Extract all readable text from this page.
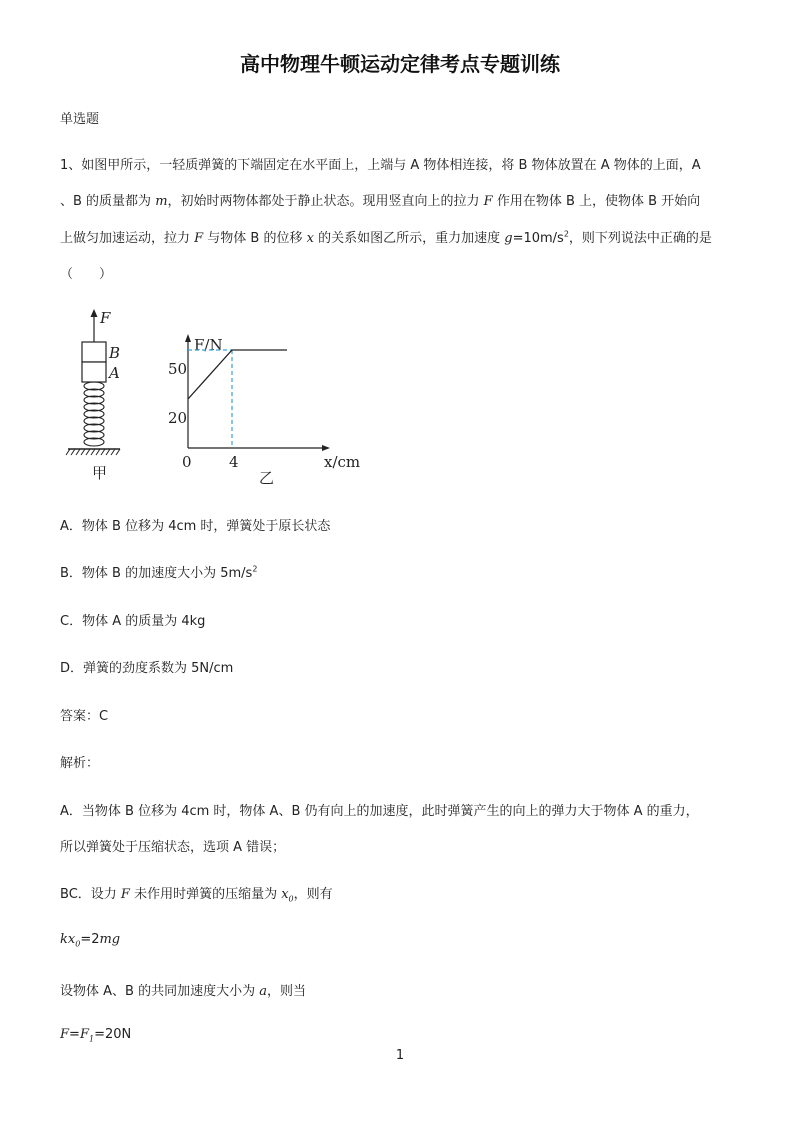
高中物理牛顿运动定律考点专题训练
单选题
1、如图甲所示，一轻质弹簧的下端固定在水平面上，上端与 A 物体相连接，将 B 物体放置在 A 物体的上面，A
、B 的质量都为 m，初始时两物体都处于静止状态。现用竖直向上的拉力 F 作用在物体 B 上，使物体 B 开始向
上做匀加速运动，拉力 F 与物体 B 的位移 x 的关系如图乙所示，重力加速度 $g=10m/s^2$，则下列说法中正确的是
（　　）
F
B
A
甲
F/N
x/cm
50
20
0 4
乙
A．物体 B 位移为 4cm 时，弹簧处于原长状态
B．物体 B 的加速度大小为 $5m/s^2$
C．物体 A 的质量为 4kg
D．弹簧的劲度系数为 5N/cm
答案：C
解析：
A．当物体 B 位移为 4cm 时，物体 A、B 仍有向上的加速度，此时弹簧产生的向上的弹力大于物体 A 的重力，
所以弹簧处于压缩状态，选项 A 错误；
BC．设力 F 未作用时弹簧的压缩量为 $x_0$，则有
$kx_0=2mg$
设物体 A、B 的共同加速度大小为 a，则当
$F=F_1=20N$
1
